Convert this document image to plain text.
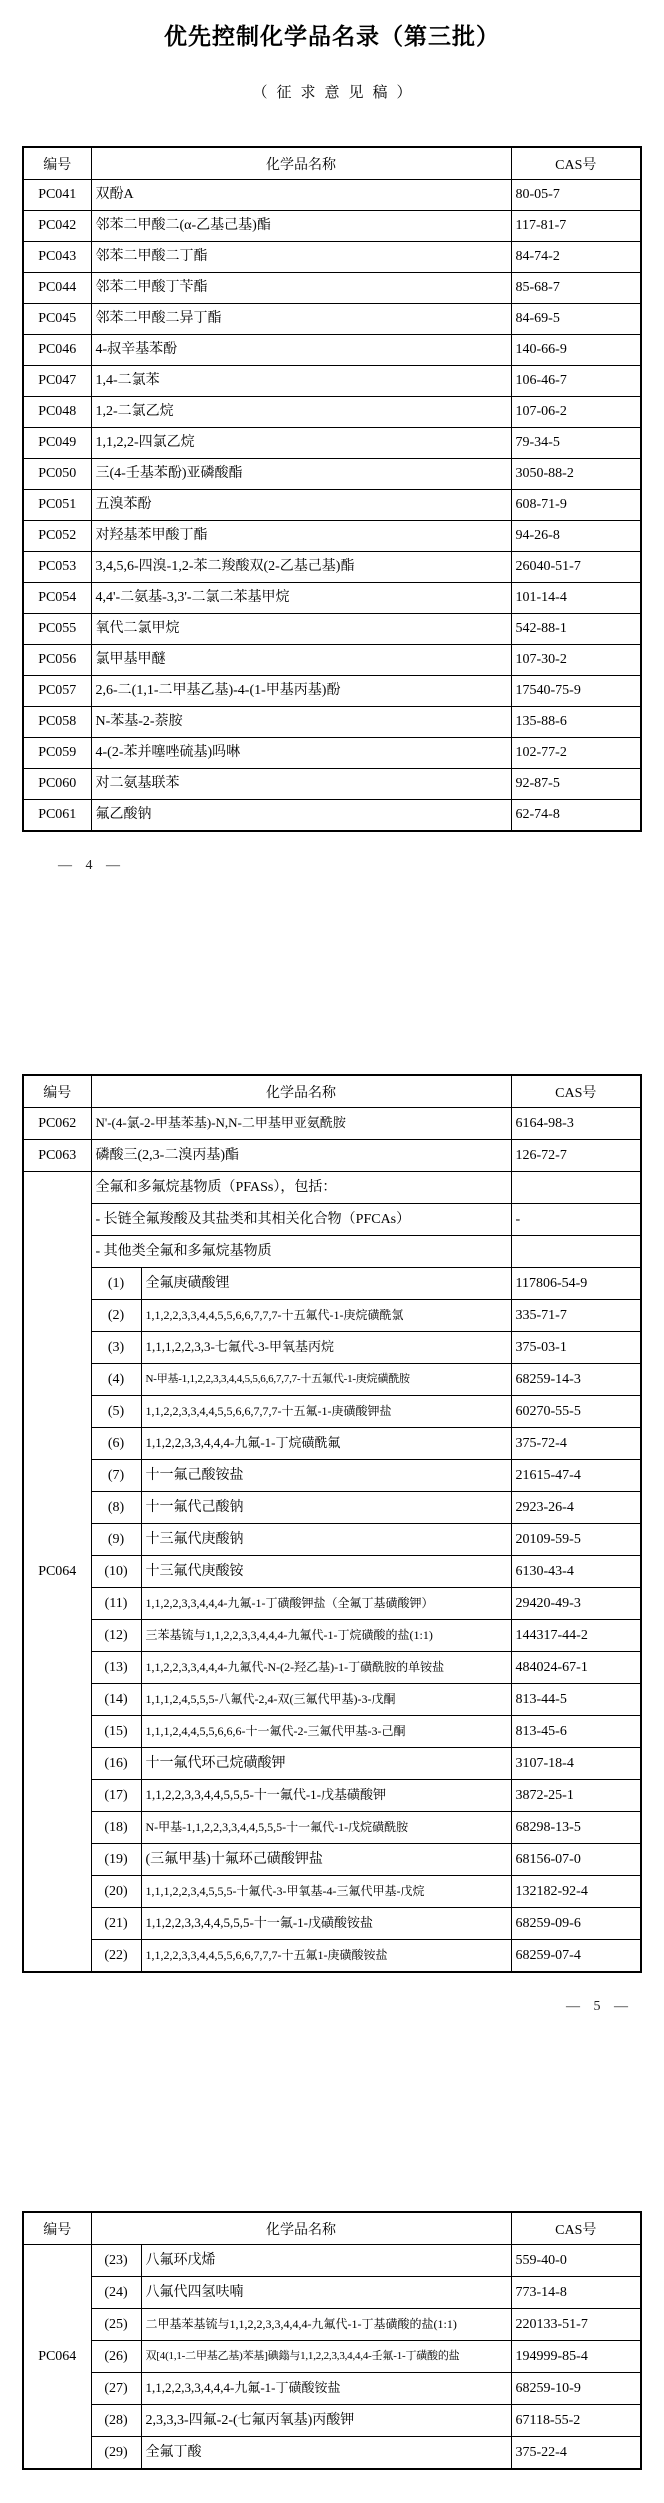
优先控制化学品名录（第三批）
（征求意见稿）
编号	化学品名称	CAS号
PC041	双酚A	80-05-7
PC042	邻苯二甲酸二(α-乙基己基)酯	117-81-7
PC043	邻苯二甲酸二丁酯	84-74-2
PC044	邻苯二甲酸丁苄酯	85-68-7
PC045	邻苯二甲酸二异丁酯	84-69-5
PC046	4-叔辛基苯酚	140-66-9
PC047	1,4-二氯苯	106-46-7
PC048	1,2-二氯乙烷	107-06-2
PC049	1,1,2,2-四氯乙烷	79-34-5
PC050	三(4-壬基苯酚)亚磷酸酯	3050-88-2
PC051	五溴苯酚	608-71-9
PC052	对羟基苯甲酸丁酯	94-26-8
PC053	3,4,5,6-四溴-1,2-苯二羧酸双(2-乙基己基)酯	26040-51-7
PC054	4,4'-二氨基-3,3'-二氯二苯基甲烷	101-14-4
PC055	氧代二氯甲烷	542-88-1
PC056	氯甲基甲醚	107-30-2
PC057	2,6-二(1,1-二甲基乙基)-4-(1-甲基丙基)酚	17540-75-9
PC058	N-苯基-2-萘胺	135-88-6
PC059	4-(2-苯并噻唑硫基)吗啉	102-77-2
PC060	对二氨基联苯	92-87-5
PC061	氟乙酸钠	62-74-8
— 4 —
编号	化学品名称		CAS号
PC062	N'-(4-氯-2-甲基苯基)-N,N-二甲基甲亚氨酰胺		6164-98-3
PC063	磷酸三(2,3-二溴丙基)酯		126-72-7
PC064	全氟和多氟烷基物质（PFASs），包括：		
	- 长链全氟羧酸及其盐类和其相关化合物（PFCAs）		-
	- 其他类全氟和多氟烷基物质		
	(1)	全氟庚磺酸锂	117806-54-9
	(2)	1,1,2,2,3,3,4,4,5,5,6,6,7,7,7-十五氟代-1-庚烷磺酰氯	335-71-7
	(3)	1,1,1,2,2,3,3-七氟代-3-甲氧基丙烷	375-03-1
	(4)	N-甲基-1,1,2,2,3,3,4,4,5,5,6,6,7,7,7-十五氟代-1-庚烷磺酰胺	68259-14-3
	(5)	1,1,2,2,3,3,4,4,5,5,6,6,7,7,7-十五氟-1-庚磺酸钾盐	60270-55-5
	(6)	1,1,2,2,3,3,4,4,4-九氟-1-丁烷磺酰氟	375-72-4
	(7)	十一氟己酸铵盐	21615-47-4
	(8)	十一氟代己酸钠	2923-26-4
	(9)	十三氟代庚酸钠	20109-59-5
	(10)	十三氟代庚酸铵	6130-43-4
	(11)	1,1,2,2,3,3,4,4,4-九氟-1-丁磺酸钾盐（全氟丁基磺酸钾）	29420-49-3
	(12)	三苯基锍与1,1,2,2,3,3,4,4,4-九氟代-1-丁烷磺酸的盐(1:1)	144317-44-2
	(13)	1,1,2,2,3,3,4,4,4-九氟代-N-(2-羟乙基)-1-丁磺酰胺的单铵盐	484024-67-1
	(14)	1,1,1,2,4,5,5,5-八氟代-2,4-双(三氟代甲基)-3-戊酮	813-44-5
	(15)	1,1,1,2,4,4,5,5,6,6,6-十一氟代-2-三氟代甲基-3-己酮	813-45-6
	(16)	十一氟代环己烷磺酸钾	3107-18-4
	(17)	1,1,2,2,3,3,4,4,5,5,5-十一氟代-1-戊基磺酸钾	3872-25-1
	(18)	N-甲基-1,1,2,2,3,3,4,4,5,5,5-十一氟代-1-戊烷磺酰胺	68298-13-5
	(19)	(三氟甲基)十氟环己磺酸钾盐	68156-07-0
	(20)	1,1,1,2,2,3,4,5,5,5-十氟代-3-甲氧基-4-三氟代甲基-戊烷	132182-92-4
	(21)	1,1,2,2,3,3,4,4,5,5,5-十一氟-1-戊磺酸铵盐	68259-09-6
	(22)	1,1,2,2,3,3,4,4,5,5,6,6,7,7,7-十五氟1-庚磺酸铵盐	68259-07-4
— 5 —
编号	化学品名称		CAS号
PC064	(23)	八氟环戊烯	559-40-0
	(24)	八氟代四氢呋喃	773-14-8
	(25)	二甲基苯基锍与1,1,2,2,3,3,4,4,4-九氟代-1-丁基磺酸的盐(1:1)	220133-51-7
	(26)	双[4(1,1-二甲基乙基)苯基]碘鎓与1,1,2,2,3,3,4,4,4-壬氟-1-丁磺酸的盐	194999-85-4
	(27)	1,1,2,2,3,3,4,4,4-九氟-1-丁磺酸铵盐	68259-10-9
	(28)	2,3,3,3-四氟-2-(七氟丙氧基)丙酸钾	67118-55-2
	(29)	全氟丁酸	375-22-4
